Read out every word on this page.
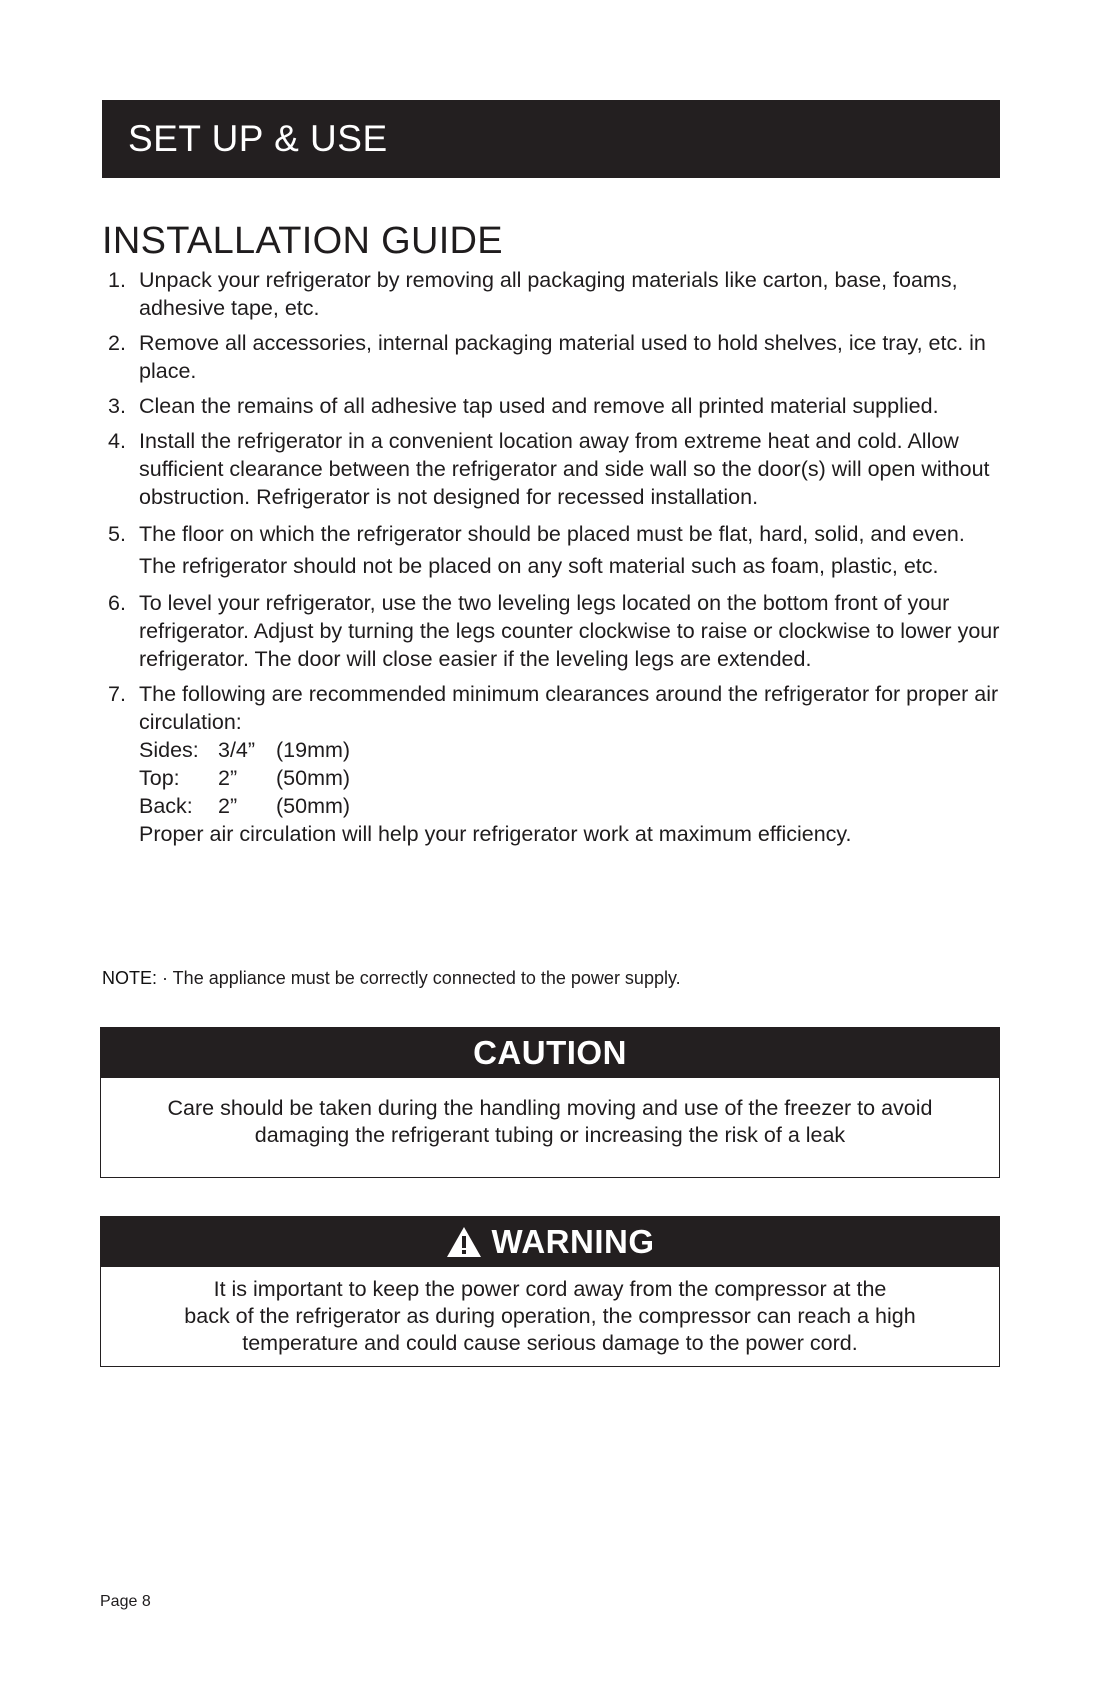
SET UP & USE
INSTALLATION GUIDE
1. Unpack your refrigerator by removing all packaging materials like carton, base, foams, adhesive tape, etc.
2. Remove all accessories, internal packaging material used to hold shelves, ice tray, etc. in place.
3. Clean the remains of all adhesive tap used and remove all printed material supplied.
4. Install the refrigerator in a convenient location away from extreme heat and cold. Allow sufficient clearance between the refrigerator and side wall so the door(s) will open without obstruction. Refrigerator is not designed for recessed installation.
5. The floor on which the refrigerator should be placed must be flat, hard, solid, and even. The refrigerator should not be placed on any soft material such as foam, plastic, etc.
6. To level your refrigerator, use the two leveling legs located on the bottom front of your refrigerator. Adjust by turning the legs counter clockwise to raise or clockwise to lower your refrigerator. The door will close easier if the leveling legs are extended.
7. The following are recommended minimum clearances around the refrigerator for proper air circulation:
Sides: 3/4” (19mm)
Top:	2”	(50mm)
Back:	2”	(50mm)
Proper air circulation will help your refrigerator work at maximum efficiency.
NOTE: · The appliance must be correctly connected to the power supply.
CAUTION
Care should be taken during the handling moving and use of the freezer to avoid
damaging the refrigerant tubing or increasing the risk of a leak
WARNING
It is important to keep the power cord away from the compressor at the
back of the refrigerator as during operation, the compressor can reach a high
temperature and could cause serious damage to the power cord.
Page 8
